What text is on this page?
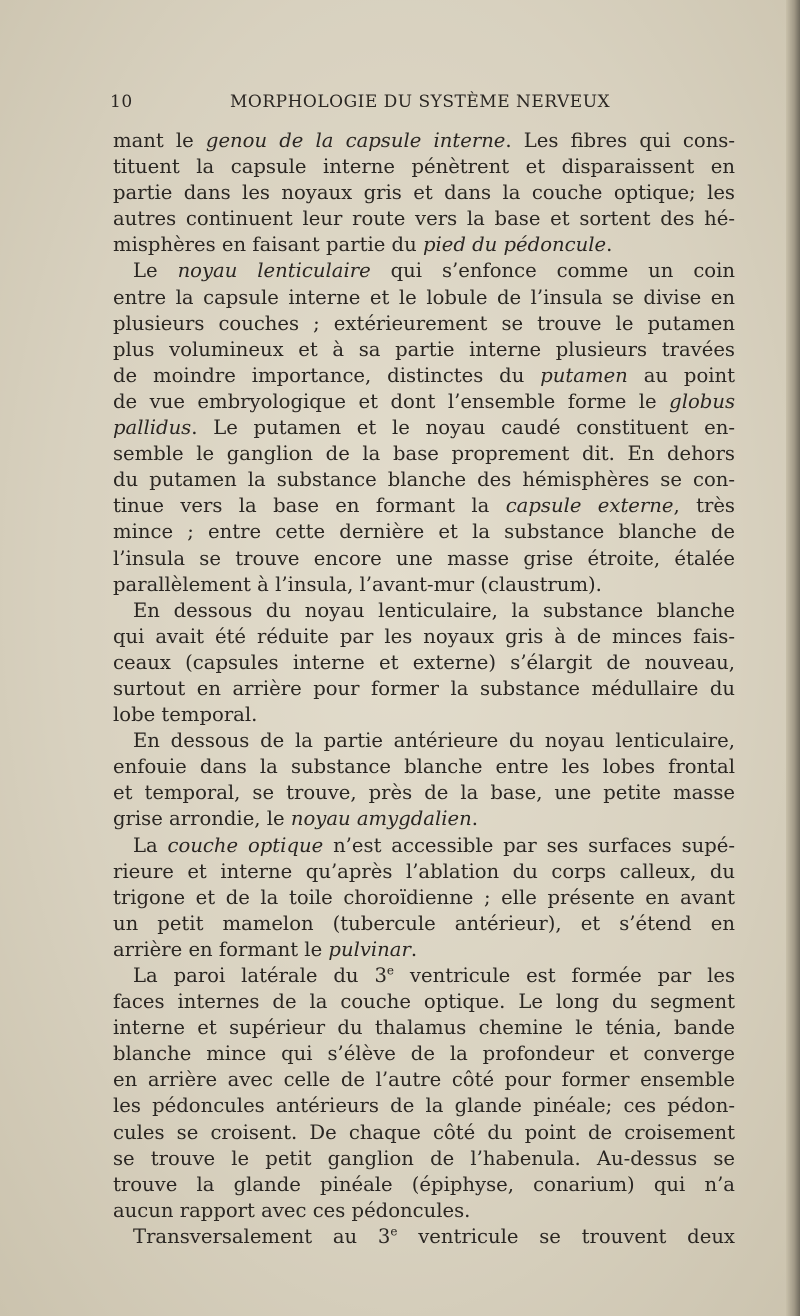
10	MORPHOLOGIE DU SYSTÈME NERVEUX
mant le genou de la capsule interne. Les fibres qui cons-
tituent la capsule interne pénètrent et disparaissent en
partie dans les noyaux gris et dans la couche optique; les
autres continuent leur route vers la base et sortent des hé-
misphères en faisant partie du pied du pédoncule.
Le noyau lenticulaire qui s’enfonce comme un coin
entre la capsule interne et le lobule de l’insula se divise en
plusieurs couches ; extérieurement se trouve le putamen
plus volumineux et à sa partie interne plusieurs travées
de moindre importance, distinctes du putamen au point
de vue embryologique et dont l’ensemble forme le globus
pallidus. Le putamen et le noyau caudé constituent en-
semble le ganglion de la base proprement dit. En dehors
du putamen la substance blanche des hémisphères se con-
tinue vers la base en formant la capsule externe, très
mince ; entre cette dernière et la substance blanche de
l’insula se trouve encore une masse grise étroite, étalée
parallèlement à l’insula, l’avant-mur (claustrum).
En dessous du noyau lenticulaire, la substance blanche
qui avait été réduite par les noyaux gris à de minces fais-
ceaux (capsules interne et externe) s’élargit de nouveau,
surtout en arrière pour former la substance médullaire du
lobe temporal.
En dessous de la partie antérieure du noyau lenticulaire,
enfouie dans la substance blanche entre les lobes frontal
et temporal, se trouve, près de la base, une petite masse
grise arrondie, le noyau amygdalien.
La couche optique n’est accessible par ses surfaces supé-
rieure et interne qu’après l’ablation du corps calleux, du
trigone et de la toile choroïdienne ; elle présente en avant
un petit mamelon (tubercule antérieur), et s’étend en
arrière en formant le pulvinar.
La paroi latérale du 3e ventricule est formée par les
faces internes de la couche optique. Le long du segment
interne et supérieur du thalamus chemine le ténia, bande
blanche mince qui s’élève de la profondeur et converge
en arrière avec celle de l’autre côté pour former ensemble
les pédoncules antérieurs de la glande pinéale; ces pédon-
cules se croisent. De chaque côté du point de croisement
se trouve le petit ganglion de l’habenula. Au-dessus se
trouve la glande pinéale (épiphyse, conarium) qui n’a
aucun rapport avec ces pédoncules.
Transversalement au 3e ventricule se trouvent deux
